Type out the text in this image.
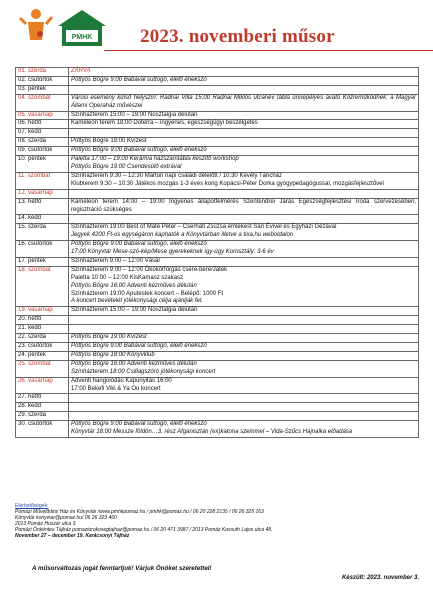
PMHK	2023. novemberi műsor
01. szerda	ZÁRVA

02. csütörtök	Pöttyös Bögre 9:00 Babával suttogó, élelő énekszó

03. péntek	

04. szombat	Városi esemény külső helyszín: Radnai Villa 15:00 Radnai Miklós utcanév tábla ünnepélyes avató Közreműködnek: a Magyar Állami Operaház művészei

05. vasárnap	Színházterem 15:00 – 19:00 Nosztalgia délután

06. hétfő	Kaméleon terem 18:00 Doterra – ingyenes, egészségügyi beszélgetés

07. kedd	

08. szerda	Pöttyös Bögre 19:00 Kvízest

09. csütörtök	Pöttyös Bögre 9:00 Babával suttogó, élelő énekszó

10. péntek	Paletta 17:00 – 19:00 Kerámia házszámtábla készítő workshop
Pöttyös Bögre 19:00 Csendesülő extrával

11. szombat	Színházterem 9:30 – 12:30 Márton napi családi délelőtt / 10:30 Kevély Táncház
Klubterem 9:30 – 10:30 Játékos mozgás 1-3 éves korig Kopácsi-Péter Dorka gyógypedagógussal, mozgásfejlesztővel

12. vasárnap	

13. hétfő	Kaméleon terem 14:00 – 19:00 Ingyenes állapotfelmérés Szentendrei Járás Egészségfejlesztési Iroda szervezésében, regisztráció szükséges

14. kedd	

15. szerda	Színházterem 19:00 Best of Máté Péter – Cserháti Zsuzsa emlékest Sári Évivel és Egyházi Gézával
Jegyek 4200 Ft-os egységáron kaphatók a Könyvtárban illetve a tixa.hu weboldalon

16. csütörtök	Pöttyös Bögre 9:00 Babával suttogó, élelő énekszó
17:00 Könyvtár Mese-szó-kép/Mese gyerekeknek így-úgy Korosztály: 3-6 év

17. péntek	Színházterem 9:00 – 12:00 Vásár

18. szombat	Színházterem 9:00 – 12:00 Ökokörforgás csere-bere/Játék
Paletta 10:00 – 12:00 KisKamasz szakasz
Pöttyös Bögre 16:00 Adventi kézműves délután
Színházterem 19:00 Aputestek koncert – Belépő: 1000 Ft
A koncert bevételét jótékonysági célja ajánlják fel.

19. vasárnap	Színházterem 15:00 – 19:00 Nosztalgia délután

20. hétfő	

21. kedd	

22. szerda	Pöttyös Bögre 19:00 Kvízest

23. csütörtök	Pöttyös Bögre 9:00 Babával suttogó, élelő énekszó

24. péntek	Pöttyös Bögre 18:00 Könyvklub

25. szombat	Pöttyös Bögre 16:00 Adventi kézműves délután
Színházterem 18:00 Csillagszóró jótékonysági koncert

26. vasárnap	Adventi hangolódás Kapunyitás 16:00
17:00 Bekefi Viki & Ya Ou koncert

27. hétfő	

28. kedd	

29. szerda	

30. csütörtök	Pöttyös Bögre 9:00 Babával suttogó, élelő énekszó
Könyvtár 18:00 Messze földön…3. rész Afganisztán (ex)katona szemmel – Vida-Szűcs Hajnalka előadása
Elérhetőségek:
Pomázi Művelődési Ház és Könyvtár /www.pmhkpomaz.hu / pmhk@pomaz.hu / 06 20 228 2135 / 06 26 325 163
Könyvtár konyvtar@pomaz.hu/ 06 26 323 460
2013 Pomáz Huszár utca 3.
Pomázi Önkéntes Tájház pomaziorokosegtajhaz@pomaz.hu / 06 20 471 3987 / 2013 Pomáz Kossuth Lajos utca 48.
November 27 – december 19. Karácsonyi Tájház
A műsorváltozás jogát fenntartjuk! Várjuk Önöket szeretettel!
Készült: 2023. november 3.
